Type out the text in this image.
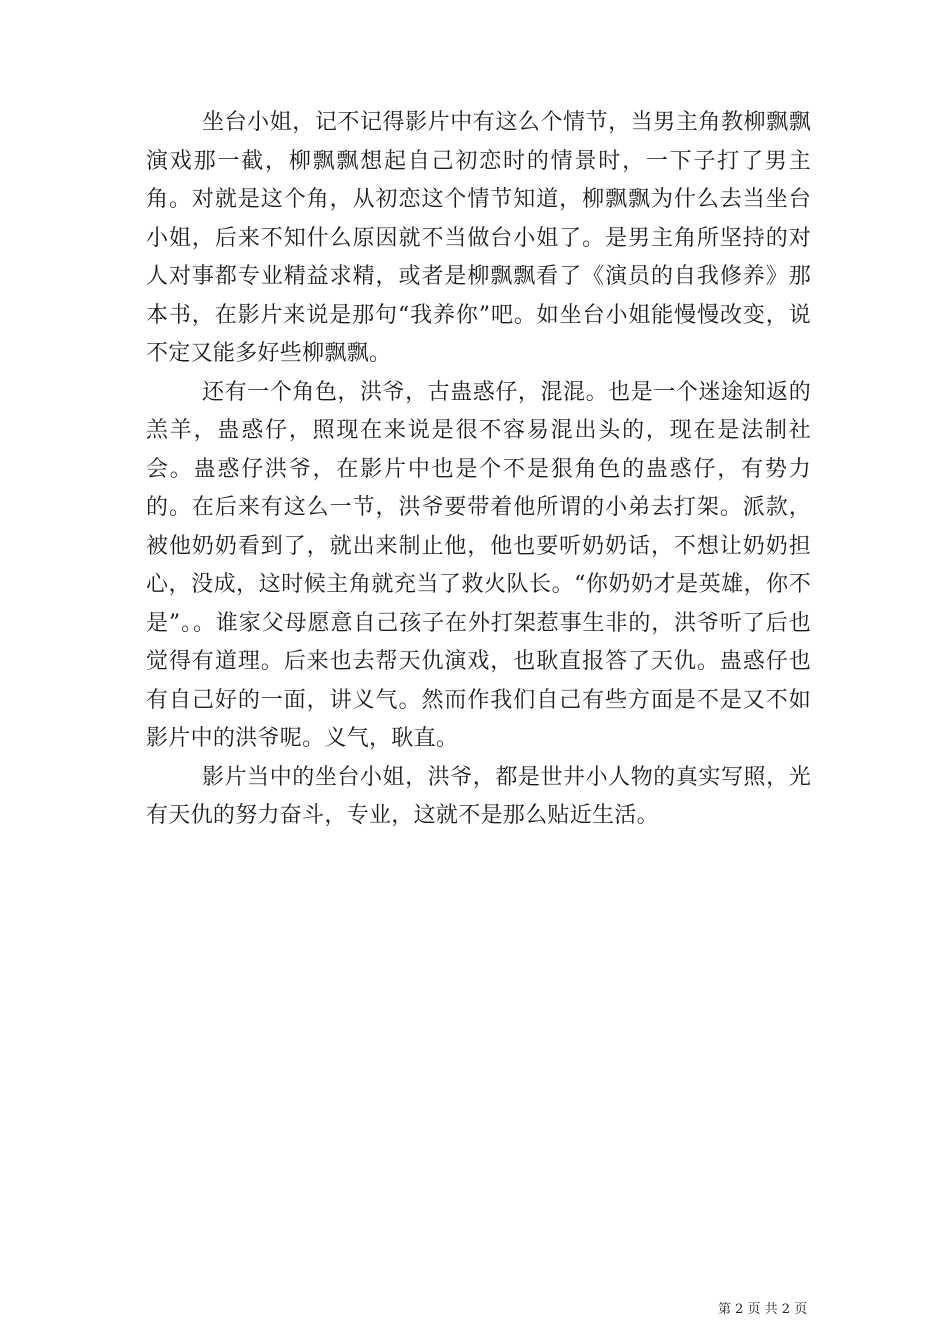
坐台小姐，记不记得影片中有这么个情节，当男主角教柳飘飘演戏那一截，柳飘飘想起自己初恋时的情景时，一下子打了男主角。对就是这个角，从初恋这个情节知道，柳飘飘为什么去当坐台小姐，后来不知什么原因就不当做台小姐了。是男主角所坚持的对人对事都专业精益求精，或者是柳飘飘看了《演员的自我修养》那本书，在影片来说是那句“我养你”吧。如坐台小姐能慢慢改变，说不定又能多好些柳飘飘。

还有一个角色，洪爷，古蛊惑仔，混混。也是一个迷途知返的羔羊，蛊惑仔，照现在来说是很不容易混出头的，现在是法制社会。蛊惑仔洪爷，在影片中也是个不是狠角色的蛊惑仔，有势力的。在后来有这么一节，洪爷要带着他所谓的小弟去打架。派款，被他奶奶看到了，就出来制止他，他也要听奶奶话，不想让奶奶担心，没成，这时候主角就充当了救火队长。“你奶奶才是英雄，你不是”。。谁家父母愿意自己孩子在外打架惹事生非的，洪爷听了后也觉得有道理。后来也去帮天仇演戏，也耿直报答了天仇。蛊惑仔也有自己好的一面，讲义气。然而作我们自己有些方面是不是又不如影片中的洪爷呢。义气，耿直。

影片当中的坐台小姐，洪爷，都是世井小人物的真实写照，光有天仇的努力奋斗，专业，这就不是那么贴近生活。

第 2 页 共 2 页
